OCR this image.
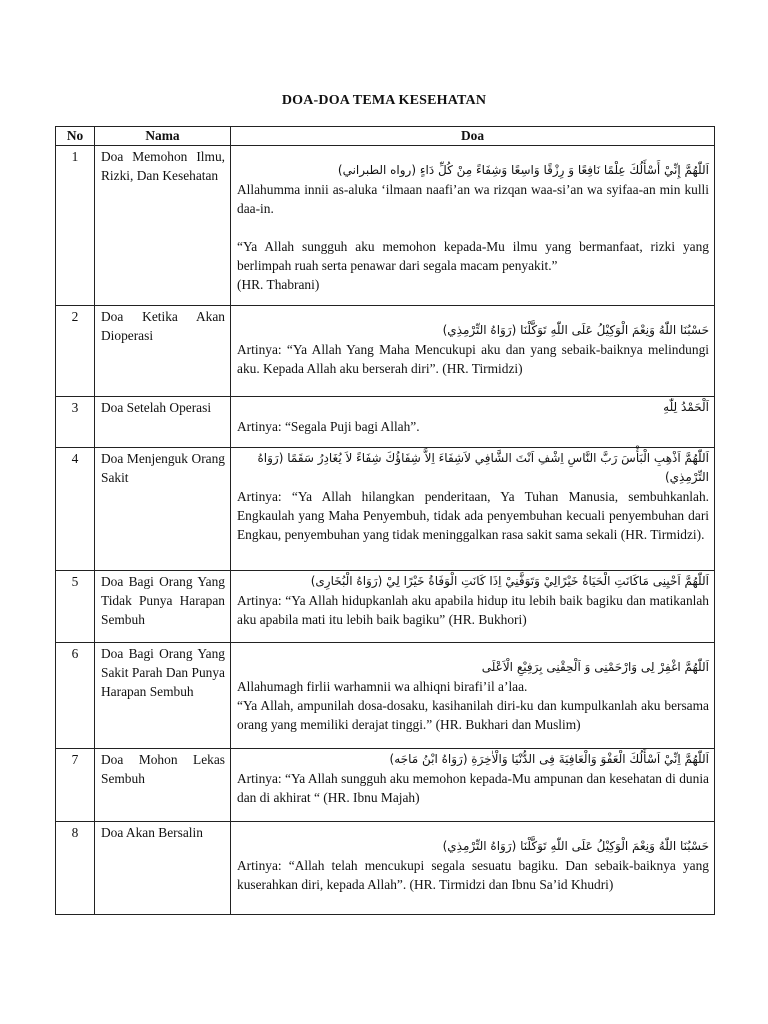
DOA-DOA TEMA KESEHATAN
No	Nama	Doa
1	Doa Memohon Ilmu, Rizki, Dan Kesehatan	اَللّٰهُمَّ إِنِّيْ أَسْأَلُكَ عِلْمًا نَافِعًا وَ رِزْقًا وَاسِعًا وَشِفَاءً مِنْ كُلِّ دَاءٍ (رواه الطبراني)

Allahumma innii as-aluka ‘ilmaan naafi’an wa rizqan waa-si’an wa syifaa-an min kulli daa-in.

“Ya Allah sungguh aku memohon kepada-Mu ilmu yang bermanfaat, rizki yang berlimpah ruah serta penawar dari segala macam penyakit.”

(HR. Thabrani)

2	Doa Ketika Akan Dioperasi	حَسْبُنَا اللّٰهُ وَنِعْمَ الْوَكِيْلُ عَلَى اللّٰهِ تَوَكَّلْنَا (رَوَاهُ التِّرْمِذِي)

Artinya: “Ya Allah Yang Maha Mencukupi aku dan yang sebaik-baiknya melindungi aku. Kepada Allah aku berserah diri”. (HR. Tirmidzi)

3	Doa Setelah Operasi	اَلْحَمْدُ لِلّٰهِ

Artinya: “Segala Puji bagi Allah”.

4	Doa Menjenguk Orang Sakit	اَللّٰهُمَّ اَذْهِبِ الْبَأْسَ رَبَّ النَّاسِ اِشْفِ اَنْتَ الشَّافِي لاَشِفَاءَ اِلاَّ شِفَاؤُكَ شِفَاءً لاَ يُغَادِرُ سَقَمًا (رَوَاهُ التِّرْمِذِي)

Artinya: “Ya Allah hilangkan penderitaan, Ya Tuhan Manusia, sembuhkanlah. Engkaulah yang Maha Penyembuh, tidak ada penyembuhan kecuali penyembuhan dari Engkau, penyembuhan yang tidak meninggalkan rasa sakit sama sekali (HR. Tirmidzi).

5	Doa Bagi Orang Yang Tidak Punya Harapan Sembuh	اَللّٰهُمَّ اَحْيِنِى مَاكَانَتِ الْحَيَاةُ خَيْرًالِيْ وَتَوَفَّنِيْ اِذَا كَانَتِ الْوَفَاةُ خَيْرًا لِيْ (رَوَاهُ الْبُخَارِى)

Artinya: “Ya Allah hidupkanlah aku apabila hidup itu lebih baik bagiku dan matikanlah aku apabila mati itu lebih baik bagiku” (HR. Bukhori)

6	Doa Bagi Orang Yang Sakit Parah Dan Punya Harapan Sembuh	اَللّٰهُمَّ اغْفِرْ لِى وَارْحَمْنِى وَ اَلْحِقْنِى بِرَفِيْعِ الْاَعْلَى

Allahumagh firlii warhamnii wa alhiqni birafi’il a’laa.

“Ya Allah, ampunilah dosa-dosaku, kasihanilah diri-ku dan kumpulkanlah aku bersama orang yang memiliki derajat tinggi.” (HR. Bukhari dan Muslim)

7	Doa Mohon Lekas Sembuh	اَللّٰهُمَّ اِنِّيْ اَسْأَلُكَ الْعَفْوَ وَالْعَافِيَةَ فِى الدُّنْيَا وَالْاٰخِرَةِ (رَوَاهُ ابْنُ مَاجَه)

Artinya: “Ya Allah sungguh aku memohon kepada-Mu ampunan dan kesehatan di dunia dan di akhirat “ (HR. Ibnu Majah)

8	Doa Akan Bersalin	حَسْبُنَا اللّٰهُ وَنِعْمَ الْوَكِيْلُ عَلَى اللّٰهِ تَوَكَّلْنَا (رَوَاهُ التِّرْمِذِي)

Artinya: “Allah telah mencukupi segala sesuatu bagiku. Dan sebaik-baiknya yang kuserahkan diri, kepada Allah”. (HR. Tirmidzi dan Ibnu Sa’id Khudri)
